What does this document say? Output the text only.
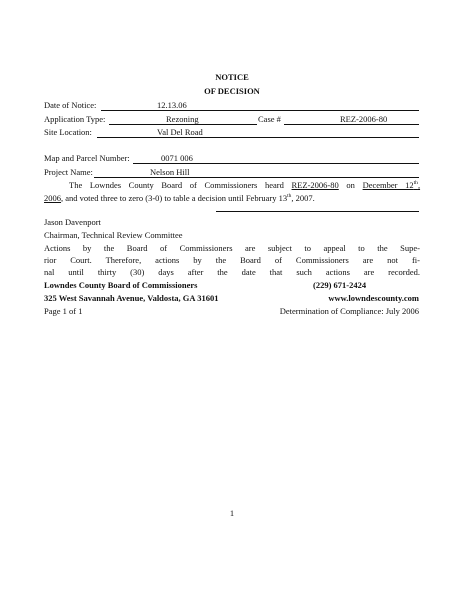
NOTICE
OF DECISION
Date of Notice:	12.13.06
Application Type:	Rezoning	Case #	REZ-2006-80
Site Location:	Val Del Road
Map and Parcel Number:	0071 006
Project Name:	Nelson Hill
The Lowndes County Board of Commissioners heard REZ-2006-80 on December 12th,
2006, and voted three to zero (3-0) to table a decision until February 13th, 2007.
Jason Davenport
Chairman, Technical Review Committee
Actions by the Board of Commissioners are subject to appeal to the Supe-
rior Court. Therefore, actions by the Board of Commissioners are not fi-
nal until thirty (30) days after the date that such actions are recorded.
Lowndes County Board of Commissioners	(229) 671-2424
325 West Savannah Avenue, Valdosta, GA 31601	www.lowndescounty.com
Page 1 of 1	Determination of Compliance: July 2006
1
